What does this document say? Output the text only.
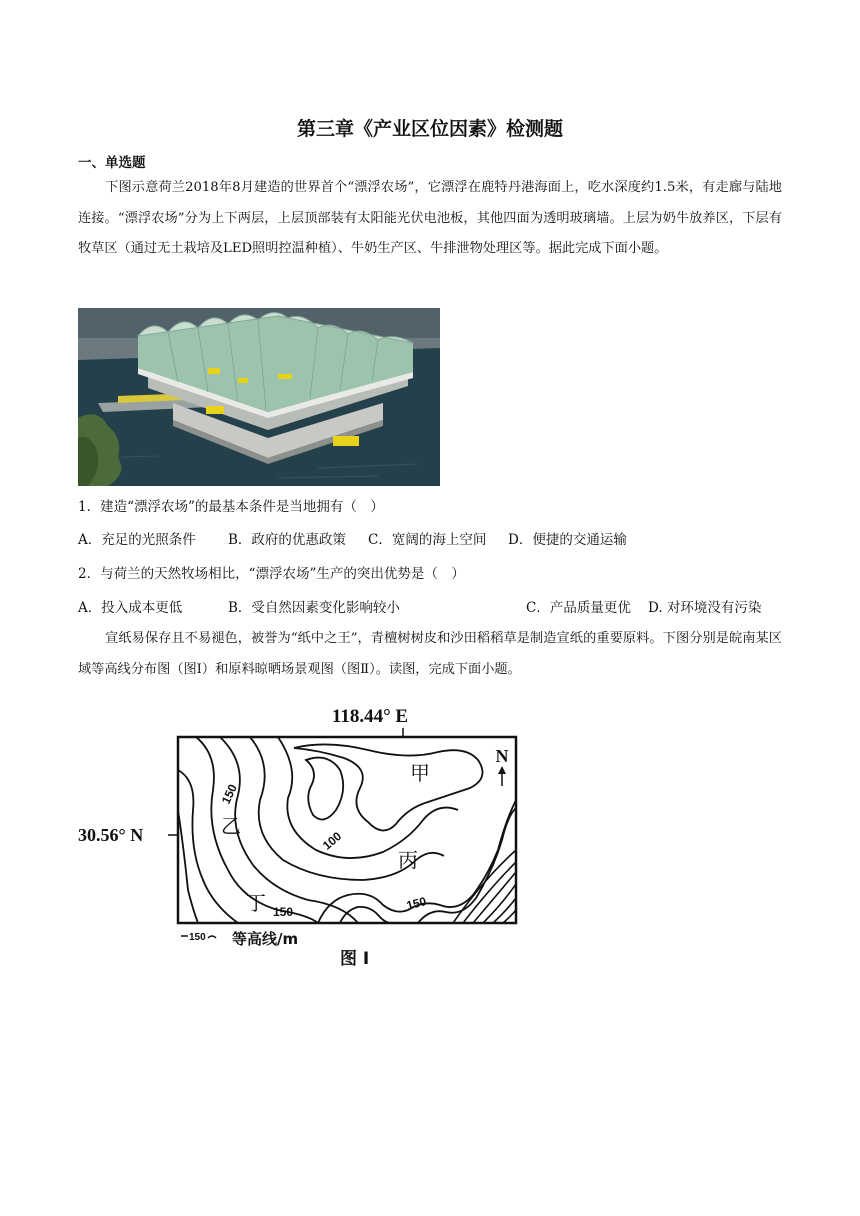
第三章《产业区位因素》检测题
一、单选题
下图示意荷兰2018年8月建造的世界首个“漂浮农场”，它漂浮在鹿特丹港海面上，吃水深度约1.5米，有走廊与陆地连接。“漂浮农场”分为上下两层，上层顶部装有太阳能光伏电池板，其他四面为透明玻璃墙。上层为奶牛放养区，下层有牧草区（通过无土栽培及LED照明控温种植）、牛奶生产区、牛排泄物处理区等。据此完成下面小题。
1．建造“漂浮农场”的最基本条件是当地拥有（　）
A．充足的光照条件 B．政府的优惠政策 C．宽阔的海上空间 D．便捷的交通运输
2．与荷兰的天然牧场相比，“漂浮农场”生产的突出优势是（　）
A．投入成本更低	B．受自然因素变化影响较小	C．产品质量更优 D. 对环境没有污染
宣纸易保存且不易褪色，被誉为“纸中之王”，青檀树树皮和沙田稻稻草是制造宣纸的重要原料。下图分别是皖南某区域等高线分布图（图Ⅰ）和原料晾晒场景观图（图Ⅱ）。读图，完成下面小题。
118.44° E
30.56° N
N
甲
乙
丙
丁
150
100
150	150
150 等高线/m
图 I
